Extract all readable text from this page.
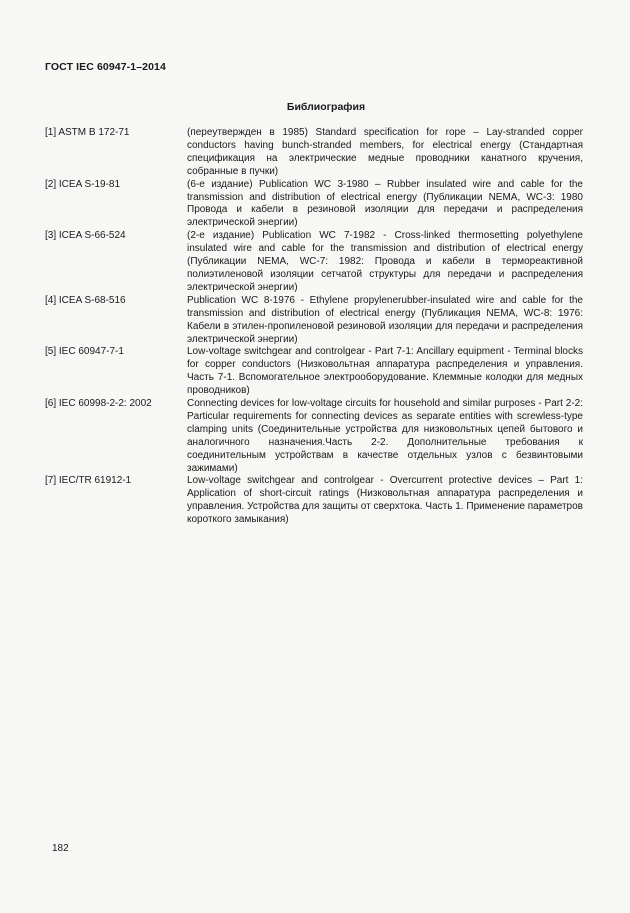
ГОСТ IEC 60947-1–2014
Библиография
[1] ASTM B 172-71	(переутвержден в 1985) Standard specification for rope – Lay-stranded copper conductors having bunch-stranded members, for electrical energy (Стандартная спецификация на электрические медные проводники канатного кручения, собранные в пучки)
[2] ICEA S-19-81	(6-е издание) Publication WC 3-1980 – Rubber insulated wire and cable for the transmission and distribution of electrical energy (Публикации NEMA, WC-3: 1980 Провода и кабели в резиновой изоляции для передачи и распределения электрической энергии)
[3] ICEA S-66-524	(2-е издание) Publication WC 7-1982 - Cross-linked thermosetting polyethylene insulated wire and cable for the transmission and distribution of electrical energy (Публикации NEMA, WC-7: 1982: Провода и кабели в термореактивной полиэтиленовой изоляции сетчатой структуры для передачи и распределения электрической энергии)
[4] ICEA S-68-516	Publication WC 8-1976 - Ethylene propylenerubber-insulated wire and cable for the transmission and distribution of electrical energy (Публикация NEMA, WC-8: 1976: Кабели в этилен-пропиленовой резиновой изоляции для передачи и распределения электрической энергии)
[5] IEC 60947-7-1	Low-voltage switchgear and controlgear - Part 7-1: Ancillary equipment - Terminal blocks for copper conductors (Низковольтная аппаратура распределения и управления. Часть 7-1. Вспомогательное электрооборудование. Клеммные колодки для медных проводников)
[6] IEC 60998-2-2: 2002	Connecting devices for low-voltage circuits for household and similar purposes - Part 2-2: Particular requirements for connecting devices as separate entities with screwless-type clamping units (Соединительные устройства для низковольтных цепей бытового и аналогичного назначения.Часть 2-2. Дополнительные требования к соединительным устройствам в качестве отдельных узлов с безвинтовыми зажимами)
[7] IEC/TR 61912-1	Low-voltage switchgear and controlgear - Overcurrent protective devices – Part 1: Application of short-circuit ratings (Низковольтная аппаратура распределения и управления. Устройства для защиты от сверхтока. Часть 1. Применение параметров короткого замыкания)
182
